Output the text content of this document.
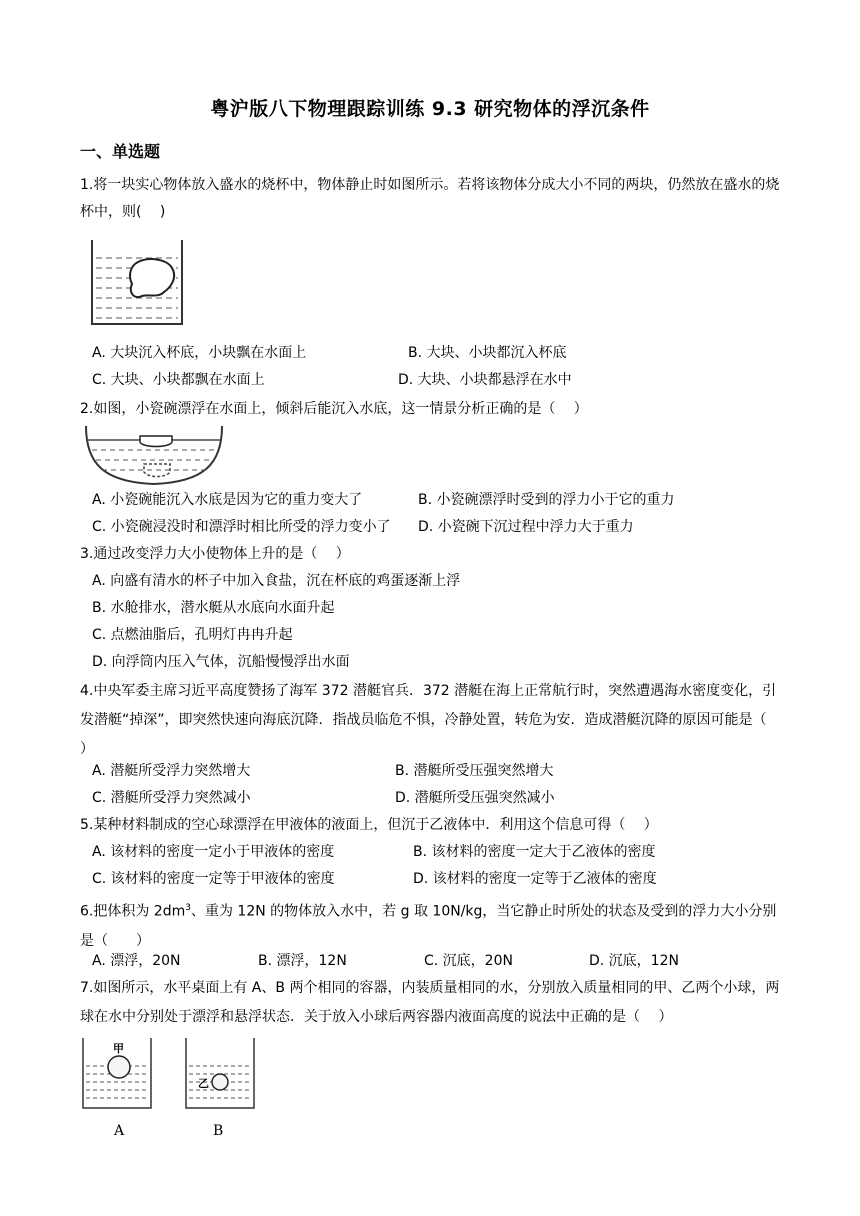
粤沪版八下物理跟踪训练 9.3 研究物体的浮沉条件
一、单选题
1.将一块实心物体放入盛水的烧杯中，物体静止时如图所示。若将该物体分成大小不同的两块，仍然放在盛水的烧杯中，则(　 )
A. 大块沉入杯底，小块飘在水面上	B. 大块、小块都沉入杯底
C. 大块、小块都飘在水面上	D. 大块、小块都悬浮在水中
2.如图，小瓷碗漂浮在水面上，倾斜后能沉入水底，这一情景分析正确的是（　 ）
A. 小瓷碗能沉入水底是因为它的重力变大了	B. 小瓷碗漂浮时受到的浮力小于它的重力
C. 小瓷碗浸没时和漂浮时相比所受的浮力变小了 D. 小瓷碗下沉过程中浮力大于重力
3.通过改变浮力大小使物体上升的是（　 ）
A. 向盛有清水的杯子中加入食盐，沉在杯底的鸡蛋逐渐上浮
B. 水舱排水，潜水艇从水底向水面升起
C. 点燃油脂后，孔明灯冉冉升起
D. 向浮筒内压入气体，沉船慢慢浮出水面
4.中央军委主席习近平高度赞扬了海军 372 潜艇官兵．372 潜艇在海上正常航行时，突然遭遇海水密度变化，引发潜艇“掉深”，即突然快速向海底沉降．指战员临危不惧，冷静处置，转危为安．造成潜艇沉降的原因可能是（　 ）
A. 潜艇所受浮力突然增大	B. 潜艇所受压强突然增大
C. 潜艇所受浮力突然减小	D. 潜艇所受压强突然减小
5.某种材料制成的空心球漂浮在甲液体的液面上，但沉于乙液体中．利用这个信息可得（　 ）
A. 该材料的密度一定小于甲液体的密度	B. 该材料的密度一定大于乙液体的密度
C. 该材料的密度一定等于甲液体的密度	D. 该材料的密度一定等于乙液体的密度
6.把体积为 $2dm^3$、重为 12N 的物体放入水中，若 g 取 10N/kg，当它静止时所处的状态及受到的浮力大小分别是（　　）
A. 漂浮，20N	B. 漂浮，12N	C. 沉底，20N	D. 沉底，12N
7.如图所示，水平桌面上有 A、B 两个相同的容器，内装质量相同的水，分别放入质量相同的甲、乙两个小球，两球在水中分别处于漂浮和悬浮状态．关于放入小球后两容器内液面高度的说法中正确的是（　 ）
甲
A
乙
B
